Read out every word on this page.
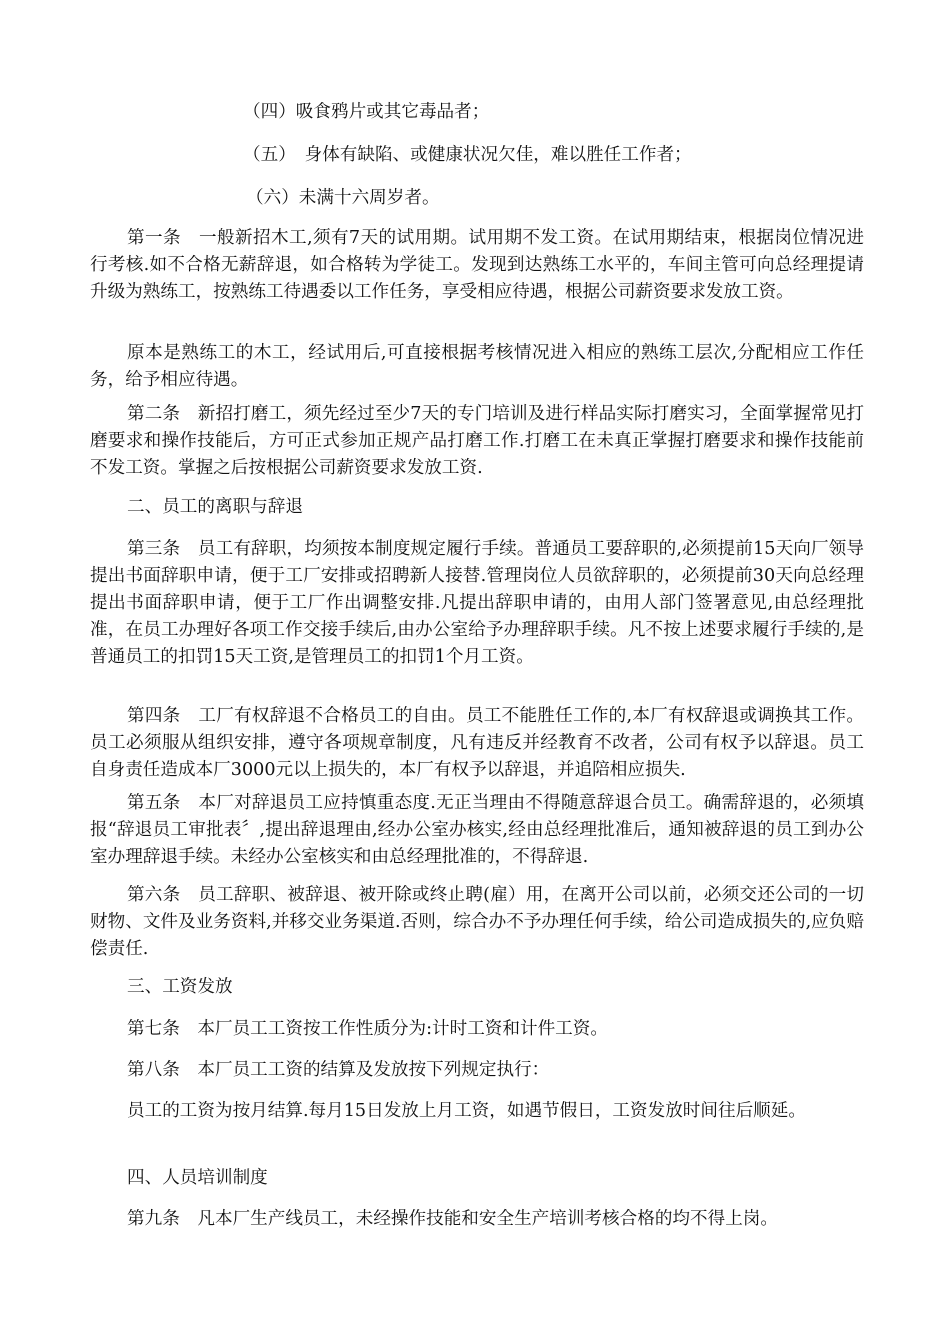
（四）吸食鸦片或其它毒品者；
（五）　身体有缺陷、或健康状况欠佳，难以胜任工作者；
（六）未满十六周岁者。

第一条　一般新招木工,须有7天的试用期。试用期不发工资。在试用期结束，根据岗位情况进行考核.如不合格无薪辞退，如合格转为学徒工。发现到达熟练工水平的，车间主管可向总经理提请升级为熟练工，按熟练工待遇委以工作任务，享受相应待遇，根据公司薪资要求发放工资。

原本是熟练工的木工，经试用后,可直接根据考核情况进入相应的熟练工层次,分配相应工作任务，给予相应待遇。

第二条　新招打磨工，须先经过至少7天的专门培训及进行样品实际打磨实习，全面掌握常见打磨要求和操作技能后，方可正式参加正规产品打磨工作.打磨工在未真正掌握打磨要求和操作技能前不发工资。掌握之后按根据公司薪资要求发放工资.

二、员工的离职与辞退

第三条　员工有辞职，均须按本制度规定履行手续。普通员工要辞职的,必须提前15天向厂领导提出书面辞职申请，便于工厂安排或招聘新人接替.管理岗位人员欲辞职的，必须提前30天向总经理提出书面辞职申请，便于工厂作出调整安排.凡提出辞职申请的，由用人部门签署意见,由总经理批准，在员工办理好各项工作交接手续后,由办公室给予办理辞职手续。凡不按上述要求履行手续的,是普通员工的扣罚15天工资,是管理员工的扣罚1个月工资。

第四条　工厂有权辞退不合格员工的自由。员工不能胜任工作的,本厂有权辞退或调换其工作。员工必须服从组织安排，遵守各项规章制度，凡有违反并经教育不改者，公司有权予以辞退。员工自身责任造成本厂3000元以上损失的，本厂有权予以辞退，并追陪相应损失.

第五条　本厂对辞退员工应持慎重态度.无正当理由不得随意辞退合员工。确需辞退的，必须填报“辞退员工审批表〞,提出辞退理由,经办公室办核实,经由总经理批准后，通知被辞退的员工到办公室办理辞退手续。未经办公室核实和由总经理批准的，不得辞退.

第六条　员工辞职、被辞退、被开除或终止聘(雇）用，在离开公司以前，必须交还公司的一切财物、文件及业务资料,并移交业务渠道.否则，综合办不予办理任何手续，给公司造成损失的,应负赔偿责任.

三、工资发放

第七条　本厂员工工资按工作性质分为:计时工资和计件工资。

第八条　本厂员工工资的结算及发放按下列规定执行：

员工的工资为按月结算.每月15日发放上月工资，如遇节假日，工资发放时间往后顺延。

四、人员培训制度

第九条　凡本厂生产线员工，未经操作技能和安全生产培训考核合格的均不得上岗。
